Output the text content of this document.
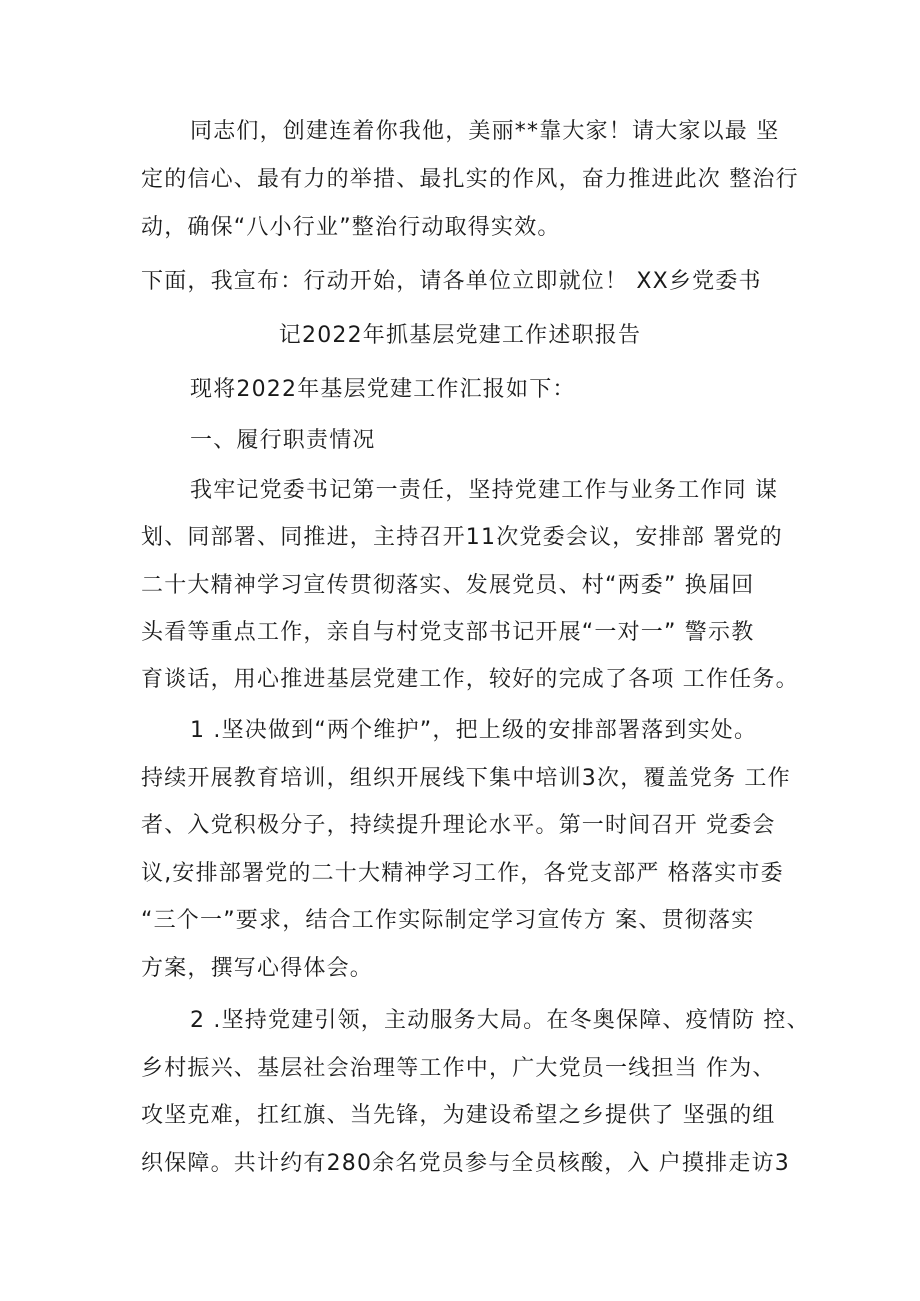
同志们，创建连着你我他，美丽**靠大家！请大家以最 坚
定的信心、最有力的举措、最扎实的作风，奋力推进此次 整治行
动，确保“八小行业”整治行动取得实效。
下面，我宣布：行动开始，请各单位立即就位！ XX乡党委书
记2022年抓基层党建工作述职报告
现将2022年基层党建工作汇报如下：
一、履行职责情况
我牢记党委书记第一责任，坚持党建工作与业务工作同 谋
划、同部署、同推进，主持召开11次党委会议，安排部 署党的
二十大精神学习宣传贯彻落实、发展党员、村“两委” 换届回
头看等重点工作，亲自与村党支部书记开展“一对一” 警示教
育谈话，用心推进基层党建工作，较好的完成了各项 工作任务。
1 .坚决做到“两个维护”，把上级的安排部署落到实处。
持续开展教育培训，组织开展线下集中培训3次，覆盖党务 工作
者、入党积极分子，持续提升理论水平。第一时间召开 党委会
议,安排部署党的二十大精神学习工作，各党支部严 格落实市委
“三个一”要求，结合工作实际制定学习宣传方 案、贯彻落实
方案，撰写心得体会。
2 .坚持党建引领，主动服务大局。在冬奥保障、疫情防 控、
乡村振兴、基层社会治理等工作中，广大党员一线担当 作为、
攻坚克难，扛红旗、当先锋，为建设希望之乡提供了 坚强的组
织保障。共计约有280余名党员参与全员核酸，入 户摸排走访3
